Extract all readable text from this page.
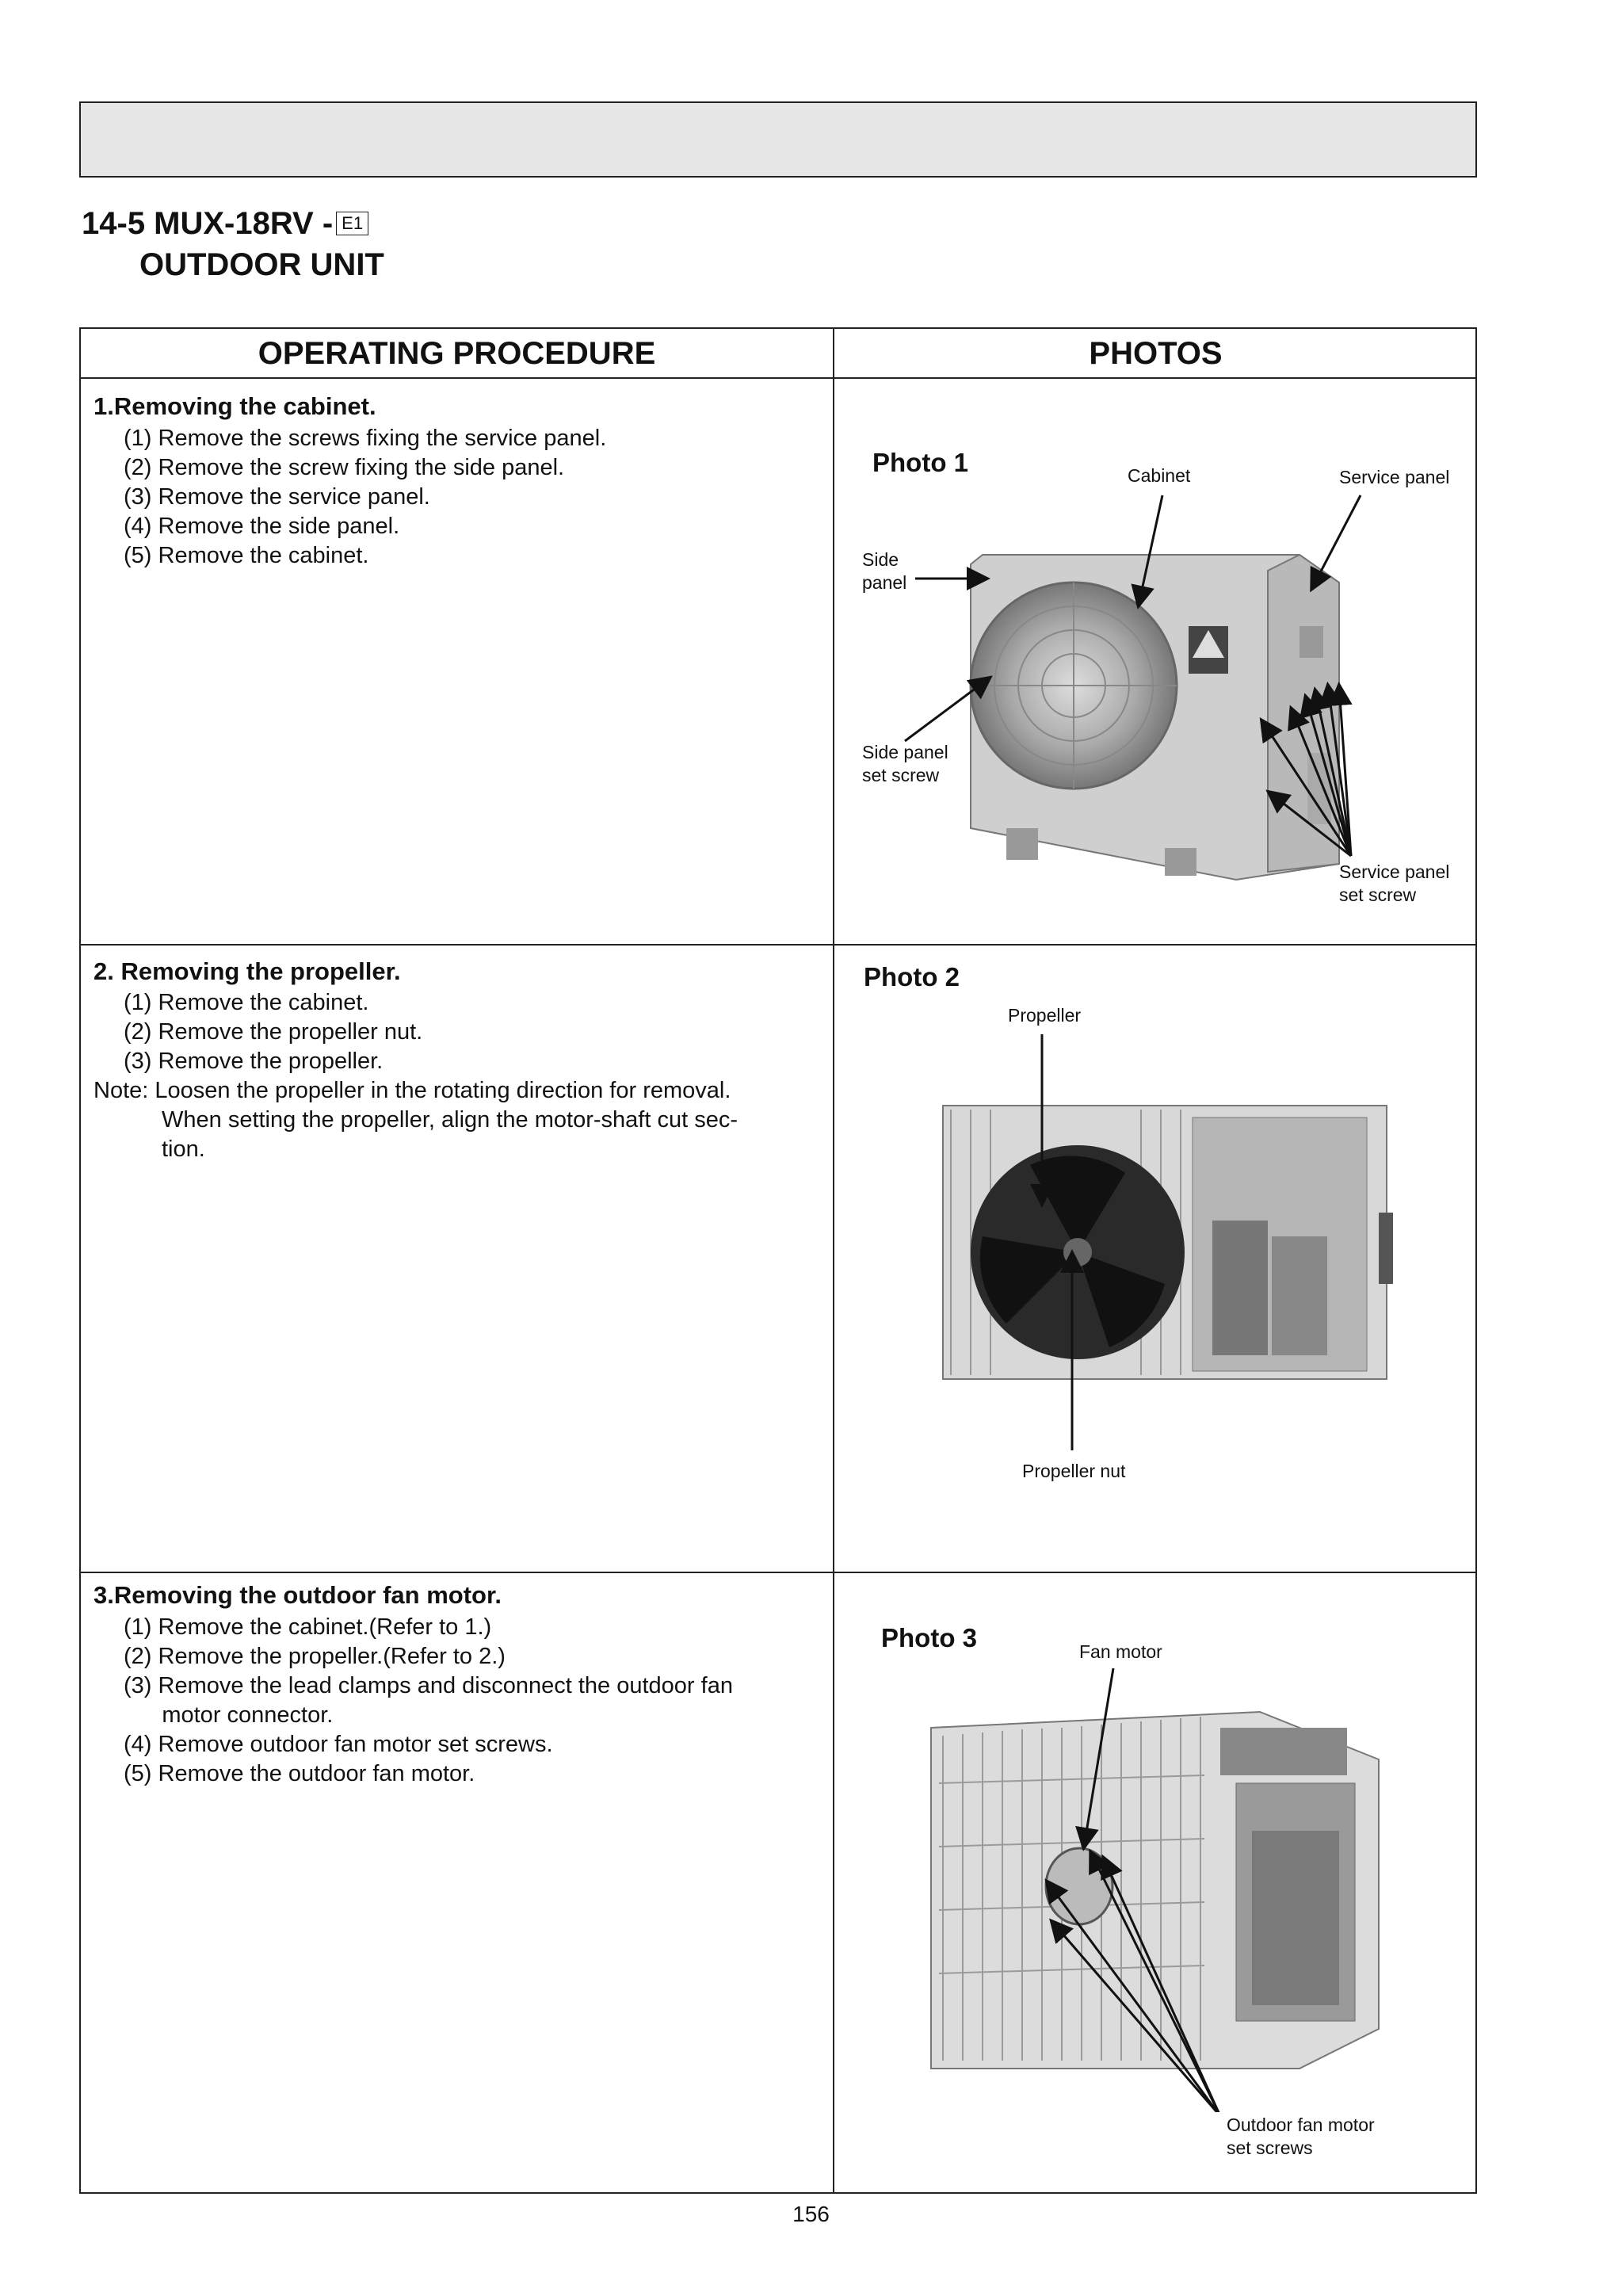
14-5 MUX-18RV - E1
OUTDOOR UNIT
OPERATING PROCEDURE	PHOTOS
1.Removing the cabinet.
(1) Remove the screws fixing the service panel.
(2) Remove the screw fixing the side panel.
(3) Remove the service panel.
(4) Remove the side panel.
(5) Remove the cabinet.
Photo 1	Cabinet	Service panel
Side
panel
Side panel
set screw
Service panel
set screw
2. Removing the propeller.
(1) Remove the cabinet.
(2) Remove the propeller nut.
(3) Remove the propeller.
Note: Loosen the propeller in the rotating direction for removal.
When setting the propeller, align the motor-shaft cut sec-
tion.
Photo 2
Propeller
Propeller nut
3.Removing the outdoor fan motor.
(1) Remove the cabinet.(Refer to 1.)
(2) Remove the propeller.(Refer to 2.)
(3) Remove the lead clamps and disconnect the outdoor fan
motor connector.
(4) Remove outdoor fan motor set screws.
(5) Remove the outdoor fan motor.
Photo 3	Fan motor
Outdoor fan motor
set screws
156
